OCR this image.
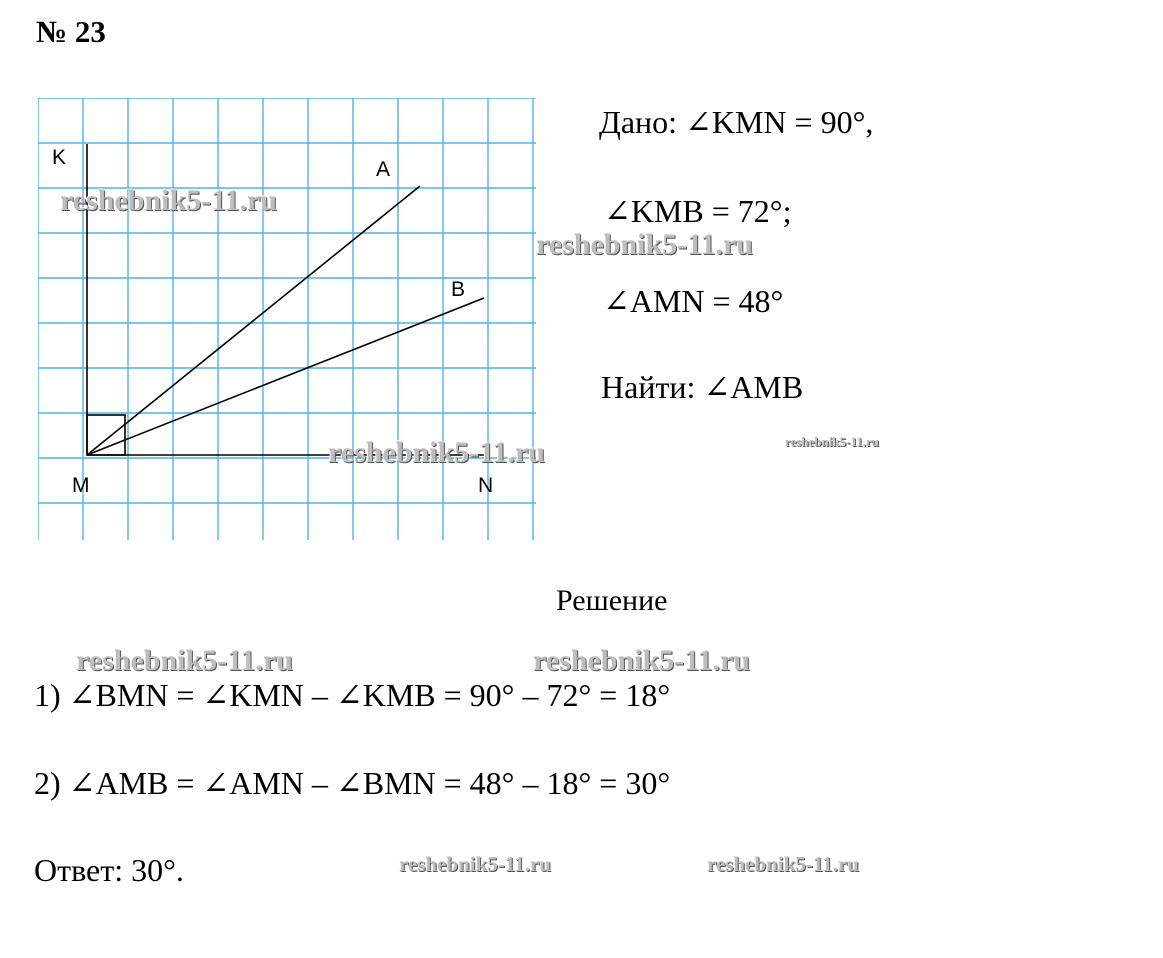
№ 23
K
A
B
M	N
Дано: ∠KMN = 90°,
∠KMB = 72°;
∠AMN = 48°
Найти: ∠AMB
Решение
1) ∠BMN = ∠KMN – ∠KMB = 90° – 72° = 18°
2) ∠AMB = ∠AMN – ∠BMN = 48° – 18° = 30°
Ответ: 30°.
reshebnik5-11.ru
reshebnik5-11.ru
reshebnik5-11.ru	reshebnik5-11.ru
reshebnik5-11.ru	reshebnik5-11.ru
reshebnik5-11.ru	reshebnik5-11.ru
